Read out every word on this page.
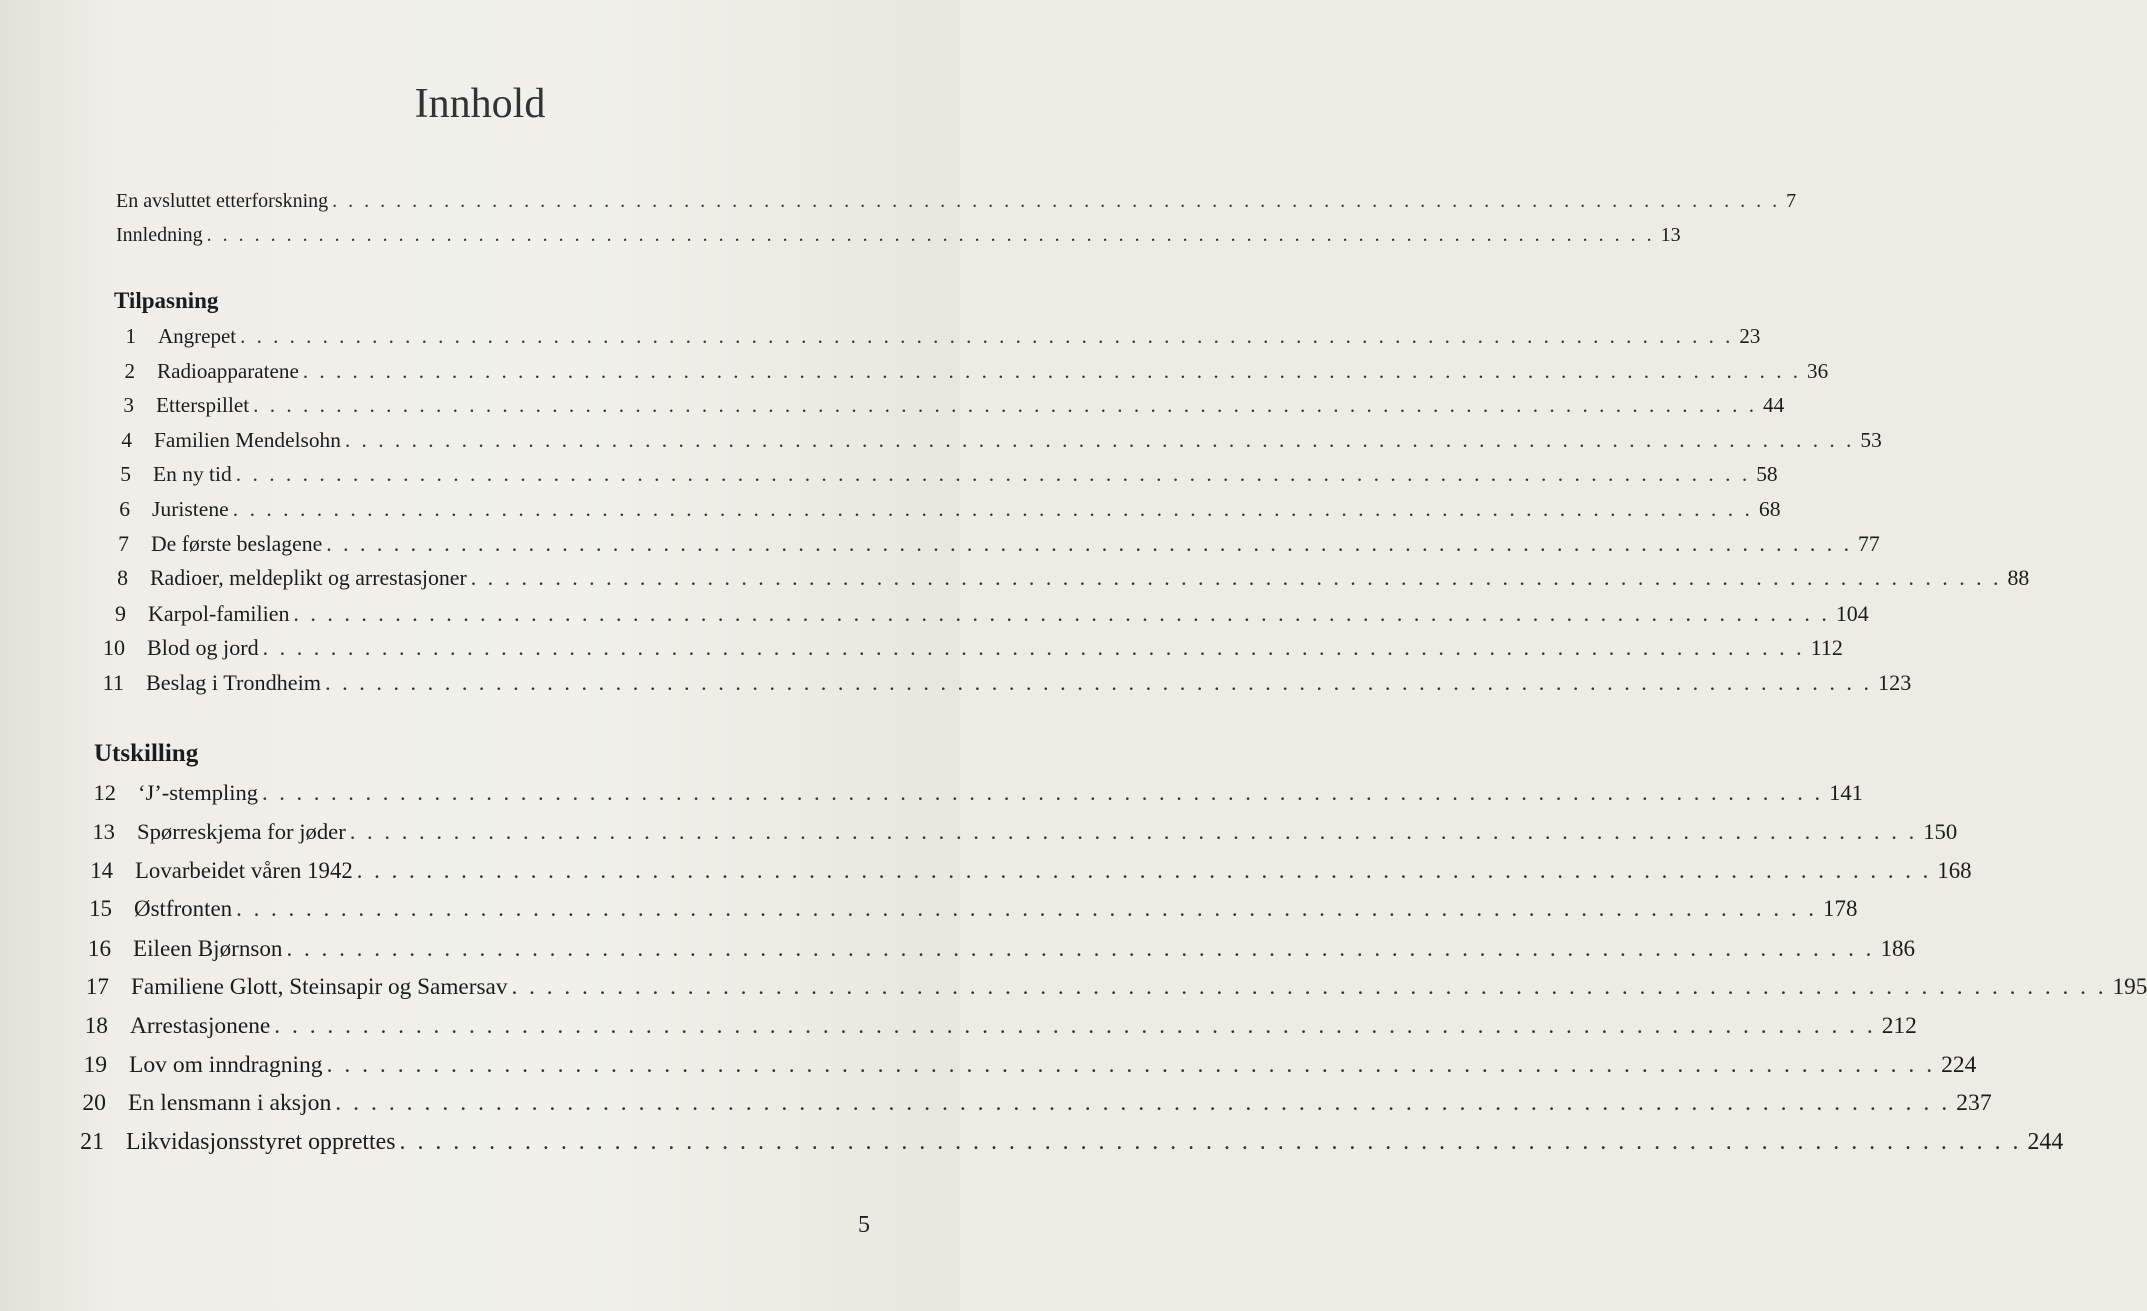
Innhold
En avsluttet etterforskning . . . . . . . . . . . . . . . . . . . . . . . . . . . . . . . . . . . . . . . . . . . . . . . . . . . . . . . . . . . . . . . . . . . . . . . . . . . . . . . . . . . . . . . . . . . 7
Innledning . . . . . . . . . . . . . . . . . . . . . . . . . . . . . . . . . . . . . . . . . . . . . . . . . . . . . . . . . . . . . . . . . . . . . . . . . . . . . . . . . . . . . . . . . . . 13
Tilpasning
1 Angrepet . . . . . . . . . . . . . . . . . . . . . . . . . . . . . . . . . . . . . . . . . . . . . . . . . . . . . . . . . . . . . . . . . . . . . . . . . . . . . . . . . . . . . . . . . . . 23
2 Radioapparatene . . . . . . . . . . . . . . . . . . . . . . . . . . . . . . . . . . . . . . . . . . . . . . . . . . . . . . . . . . . . . . . . . . . . . . . . . . . . . . . . . . . . . . . . . . . 36
3 Etterspillet . . . . . . . . . . . . . . . . . . . . . . . . . . . . . . . . . . . . . . . . . . . . . . . . . . . . . . . . . . . . . . . . . . . . . . . . . . . . . . . . . . . . . . . . . . . 44
4 Familien Mendelsohn . . . . . . . . . . . . . . . . . . . . . . . . . . . . . . . . . . . . . . . . . . . . . . . . . . . . . . . . . . . . . . . . . . . . . . . . . . . . . . . . . . . . . . . . . . . 53
5 En ny tid . . . . . . . . . . . . . . . . . . . . . . . . . . . . . . . . . . . . . . . . . . . . . . . . . . . . . . . . . . . . . . . . . . . . . . . . . . . . . . . . . . . . . . . . . . . 58
6 Juristene . . . . . . . . . . . . . . . . . . . . . . . . . . . . . . . . . . . . . . . . . . . . . . . . . . . . . . . . . . . . . . . . . . . . . . . . . . . . . . . . . . . . . . . . . . . 68
7 De første beslagene . . . . . . . . . . . . . . . . . . . . . . . . . . . . . . . . . . . . . . . . . . . . . . . . . . . . . . . . . . . . . . . . . . . . . . . . . . . . . . . . . . . . . . . . . . . 77
8 Radioer, meldeplikt og arrestasjoner . . . . . . . . . . . . . . . . . . . . . . . . . . . . . . . . . . . . . . . . . . . . . . . . . . . . . . . . . . . . . . . . . . . . . . . . . . . . . . . . . . . . . . . . . . . 88
9 Karpol-familien . . . . . . . . . . . . . . . . . . . . . . . . . . . . . . . . . . . . . . . . . . . . . . . . . . . . . . . . . . . . . . . . . . . . . . . . . . . . . . . . . . . . . . . . . . . 104
10 Blod og jord . . . . . . . . . . . . . . . . . . . . . . . . . . . . . . . . . . . . . . . . . . . . . . . . . . . . . . . . . . . . . . . . . . . . . . . . . . . . . . . . . . . . . . . . . . . 112
11 Beslag i Trondheim . . . . . . . . . . . . . . . . . . . . . . . . . . . . . . . . . . . . . . . . . . . . . . . . . . . . . . . . . . . . . . . . . . . . . . . . . . . . . . . . . . . . . . . . . . . 123
Utskilling
12 ‘J’-stempling . . . . . . . . . . . . . . . . . . . . . . . . . . . . . . . . . . . . . . . . . . . . . . . . . . . . . . . . . . . . . . . . . . . . . . . . . . . . . . . . . . . . . . . . . . . 141
13 Spørreskjema for jøder . . . . . . . . . . . . . . . . . . . . . . . . . . . . . . . . . . . . . . . . . . . . . . . . . . . . . . . . . . . . . . . . . . . . . . . . . . . . . . . . . . . . . . . . . . . 150
14 Lovarbeidet våren 1942 . . . . . . . . . . . . . . . . . . . . . . . . . . . . . . . . . . . . . . . . . . . . . . . . . . . . . . . . . . . . . . . . . . . . . . . . . . . . . . . . . . . . . . . . . . . 168
15 Østfronten . . . . . . . . . . . . . . . . . . . . . . . . . . . . . . . . . . . . . . . . . . . . . . . . . . . . . . . . . . . . . . . . . . . . . . . . . . . . . . . . . . . . . . . . . . . 178
16 Eileen Bjørnson . . . . . . . . . . . . . . . . . . . . . . . . . . . . . . . . . . . . . . . . . . . . . . . . . . . . . . . . . . . . . . . . . . . . . . . . . . . . . . . . . . . . . . . . . . . 186
17 Familiene Glott, Steinsapir og Samersav . . . . . . . . . . . . . . . . . . . . . . . . . . . . . . . . . . . . . . . . . . . . . . . . . . . . . . . . . . . . . . . . . . . . . . . . . . . . . . . . . . . . . . . . . . . 195
18 Arrestasjonene . . . . . . . . . . . . . . . . . . . . . . . . . . . . . . . . . . . . . . . . . . . . . . . . . . . . . . . . . . . . . . . . . . . . . . . . . . . . . . . . . . . . . . . . . . . 212
19 Lov om inndragning . . . . . . . . . . . . . . . . . . . . . . . . . . . . . . . . . . . . . . . . . . . . . . . . . . . . . . . . . . . . . . . . . . . . . . . . . . . . . . . . . . . . . . . . . . . 224
20 En lensmann i aksjon . . . . . . . . . . . . . . . . . . . . . . . . . . . . . . . . . . . . . . . . . . . . . . . . . . . . . . . . . . . . . . . . . . . . . . . . . . . . . . . . . . . . . . . . . . . 237
21 Likvidasjonsstyret opprettes . . . . . . . . . . . . . . . . . . . . . . . . . . . . . . . . . . . . . . . . . . . . . . . . . . . . . . . . . . . . . . . . . . . . . . . . . . . . . . . . . . . . . . . . . . . 244
5
